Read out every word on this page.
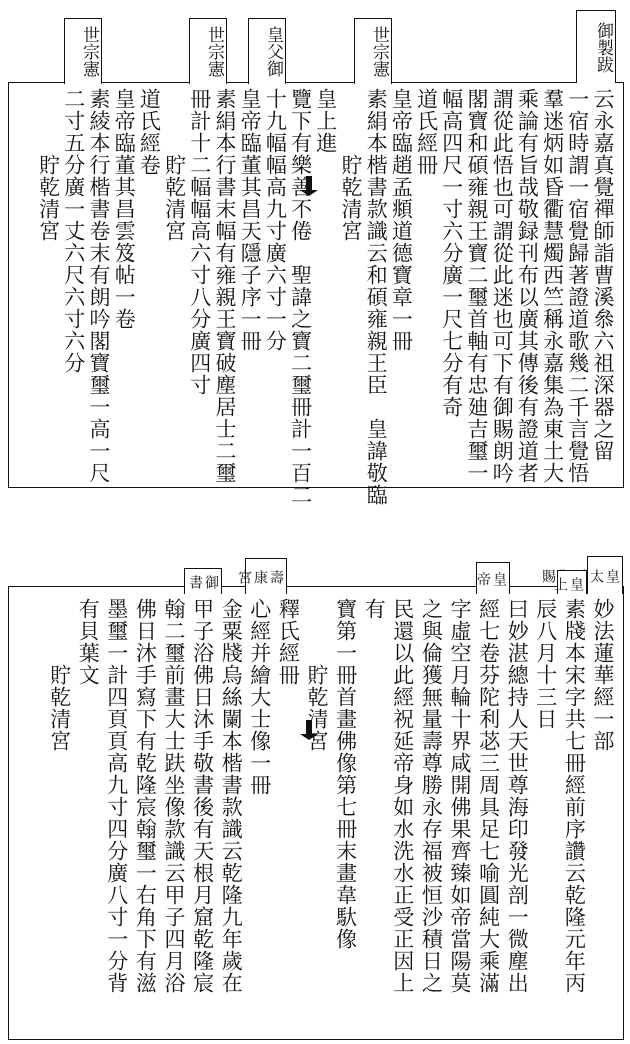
御製跋
世宗憲	世宗憲	皇父御	世宗憲
皇太 賜
皇上
皇帝
壽康宮
御書
云永嘉真覺禪師詣曹溪叅六祖深器之留
一宿時謂一宿覺歸著證道歌幾二千言覺悟
羣迷炳如昏衢慧燭西竺稱永嘉集為東土大
乘論有旨哉敬録刊布以廣其傳後有證道者
謂從此悟也可謂從此迷也可下有御賜朗吟
閣寶和碩雍親王寶二璽首軸有忠廸吉璽一
幅高四尺一寸六分廣一尺七分有奇
道氏經冊
皇帝臨趙孟頫道德寶章一冊
素絹本楷書款識云和碩雍親王臣　皇諱敬臨
　　　貯乾清宮
皇上進
覽下有樂善不倦　聖諱之寶二璽冊計一百二
十九幅幅高九寸廣六寸一分
皇帝臨董其昌天隱子序一冊
素絹本行書末幅有雍親王寶破塵居士二璽
冊計十二幅幅高六寸八分廣四寸
　　　貯乾清宮
道氏經卷
皇帝臨董其昌雲笈帖一卷
素綾本行楷書卷末有朗吟閣寶璽一高一尺
二寸五分廣一丈六尺六寸六分
　　　貯乾清宮
妙法蓮華經一部
素牋本宋字共七冊經前序讚云乾隆元年丙
辰八月十三日
曰妙湛總持人天世尊海印發光剖一微塵出
經七卷芬陀利苾三周具足七喻圓純大乘滿
字虛空月輪十界咸開佛果齊臻如帝當陽莫
之與倫獲無量壽尊勝永存福被恒沙積日之
民還以此經祝延帝身如水洗水正受正因上
有
寶第一冊首畫佛像第七冊末畫韋馱像
　　　貯乾清宮
釋氏經冊
心經并繪大士像一冊
金粟牋烏絲闌本楷書款識云乾隆九年歲在
甲子浴佛日沐手敬書後有天根月窟乾隆宸
翰二璽前畫大士趺坐像款識云甲子四月浴
佛日沐手寫下有乾隆宸翰璽一右角下有滋
墨璽一計四頁頁高九寸四分廣八寸一分背
有貝葉文
　　　貯乾清宮
